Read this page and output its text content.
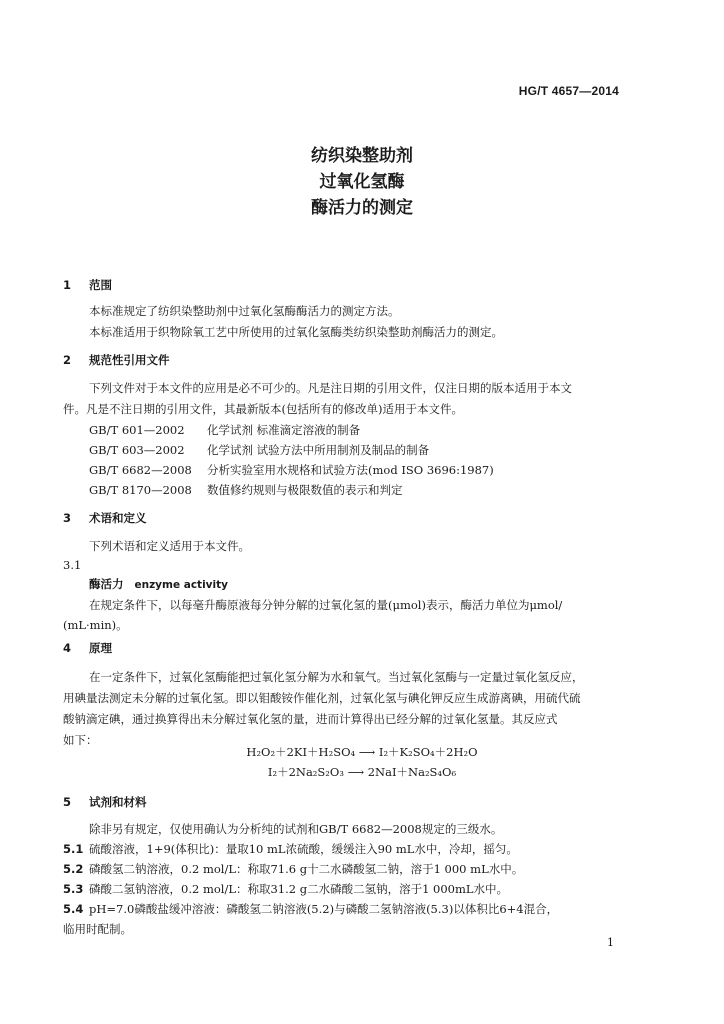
HG/T 4657—2014
纺织染整助剂
过氧化氢酶
酶活力的测定
1 范围
本标准规定了纺织染整助剂中过氧化氢酶酶活力的测定方法。
本标准适用于织物除氧工艺中所使用的过氧化氢酶类纺织染整助剂酶活力的测定。
2 规范性引用文件
下列文件对于本文件的应用是必不可少的。凡是注日期的引用文件，仅注日期的版本适用于本文
件。凡是不注日期的引用文件，其最新版本(包括所有的修改单)适用于本文件。
GB/T 601—2002 化学试剂 标准滴定溶液的制备
GB/T 603—2002 化学试剂 试验方法中所用制剂及制品的制备
GB/T 6682—2008 分析实验室用水规格和试验方法(mod ISO 3696:1987)
GB/T 8170—2008 数值修约规则与极限数值的表示和判定
3 术语和定义
下列术语和定义适用于本文件。
3.1
酶活力 enzyme activity
在规定条件下，以每毫升酶原液每分钟分解的过氧化氢的量(μmol)表示，酶活力单位为μmol/
(mL·min)。
4 原理
在一定条件下，过氧化氢酶能把过氧化氢分解为水和氧气。当过氧化氢酶与一定量过氧化氢反应，
用碘量法测定未分解的过氧化氢。即以钼酸铵作催化剂，过氧化氢与碘化钾反应生成游离碘，用硫代硫
酸钠滴定碘，通过换算得出未分解过氧化氢的量，进而计算得出已经分解的过氧化氢量。其反应式
如下：
H₂O₂＋2KI＋H₂SO₄ ⟶ I₂＋K₂SO₄＋2H₂O
I₂＋2Na₂S₂O₃ ⟶ 2NaI＋Na₂S₄O₆
5 试剂和材料
除非另有规定，仅使用确认为分析纯的试剂和GB/T 6682—2008规定的三级水。
5.1 硫酸溶液，1+9(体积比)：量取10 mL浓硫酸，缓缓注入90 mL水中，冷却，摇匀。
5.2 磷酸氢二钠溶液，0.2 mol/L：称取71.6 g十二水磷酸氢二钠，溶于1 000 mL水中。
5.3 磷酸二氢钠溶液，0.2 mol/L：称取31.2 g二水磷酸二氢钠，溶于1 000mL水中。
5.4 pH=7.0磷酸盐缓冲溶液：磷酸氢二钠溶液(5.2)与磷酸二氢钠溶液(5.3)以体积比6+4混合，
临用时配制。
1
